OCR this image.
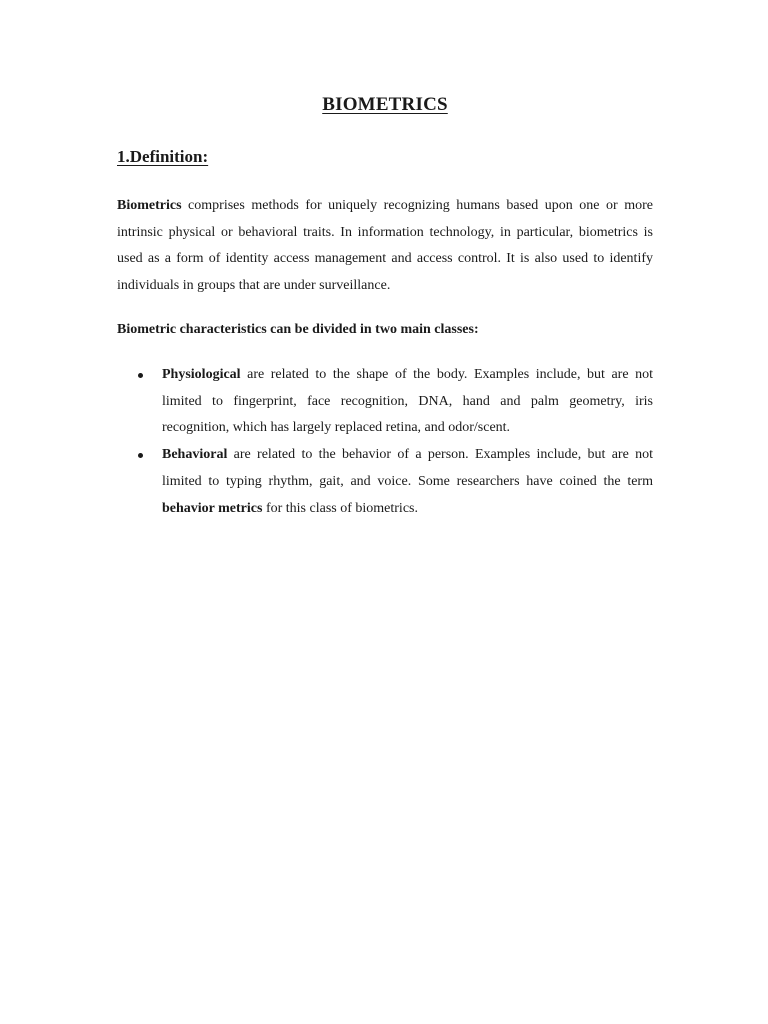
BIOMETRICS
1.Definition:

Biometrics comprises methods for uniquely recognizing humans based upon one or more intrinsic physical or behavioral traits. In information technology, in particular, biometrics is used as a form of identity access management and access control. It is also used to identify individuals in groups that are under surveillance.

Biometric characteristics can be divided in two main classes:
Physiological are related to the shape of the body. Examples include, but are not limited to fingerprint, face recognition, DNA, hand and palm geometry, iris recognition, which has largely replaced retina, and odor/scent.
Behavioral are related to the behavior of a person. Examples include, but are not limited to typing rhythm, gait, and voice. Some researchers have coined the term behavior metrics for this class of biometrics.
